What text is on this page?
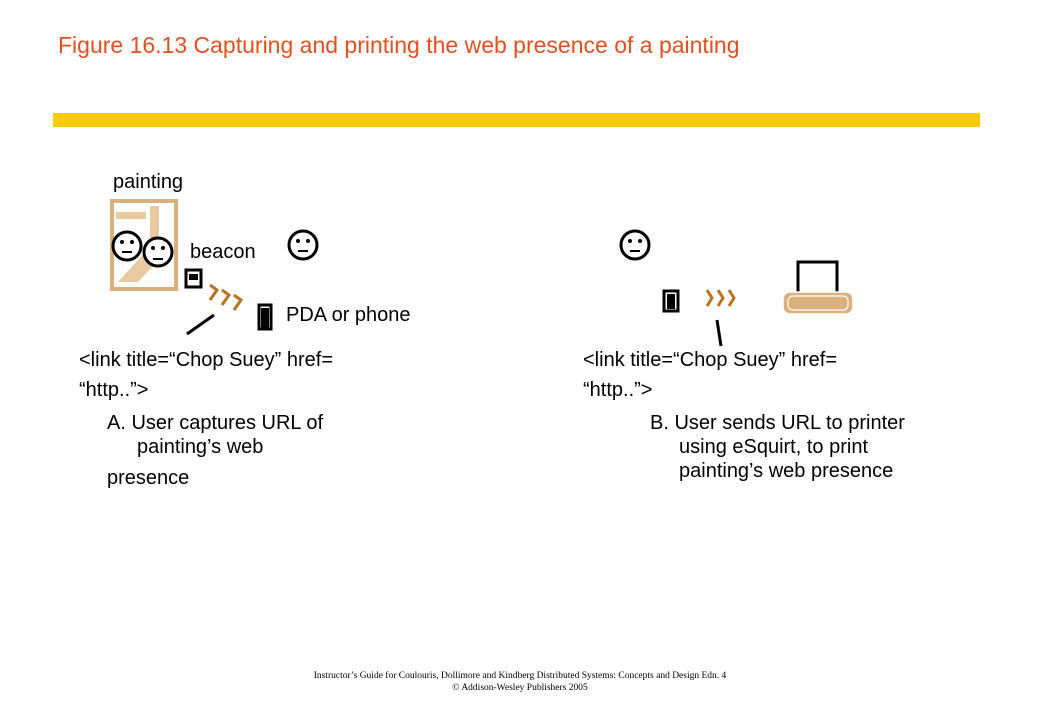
Figure 16.13 Capturing and printing the web presence of a painting
painting
beacon
PDA or phone
<link title=“Chop Suey” href=
“http..”>
A. User captures URL of
painting’s web
presence
<link title=“Chop Suey” href=
“http..”>
B. User sends URL to printer
using eSquirt, to print
painting’s web presence
Instructor’s Guide for Coulouris, Dollimore and Kindberg Distributed Systems: Concepts and Design Edn. 4
© Addison-Wesley Publishers 2005
